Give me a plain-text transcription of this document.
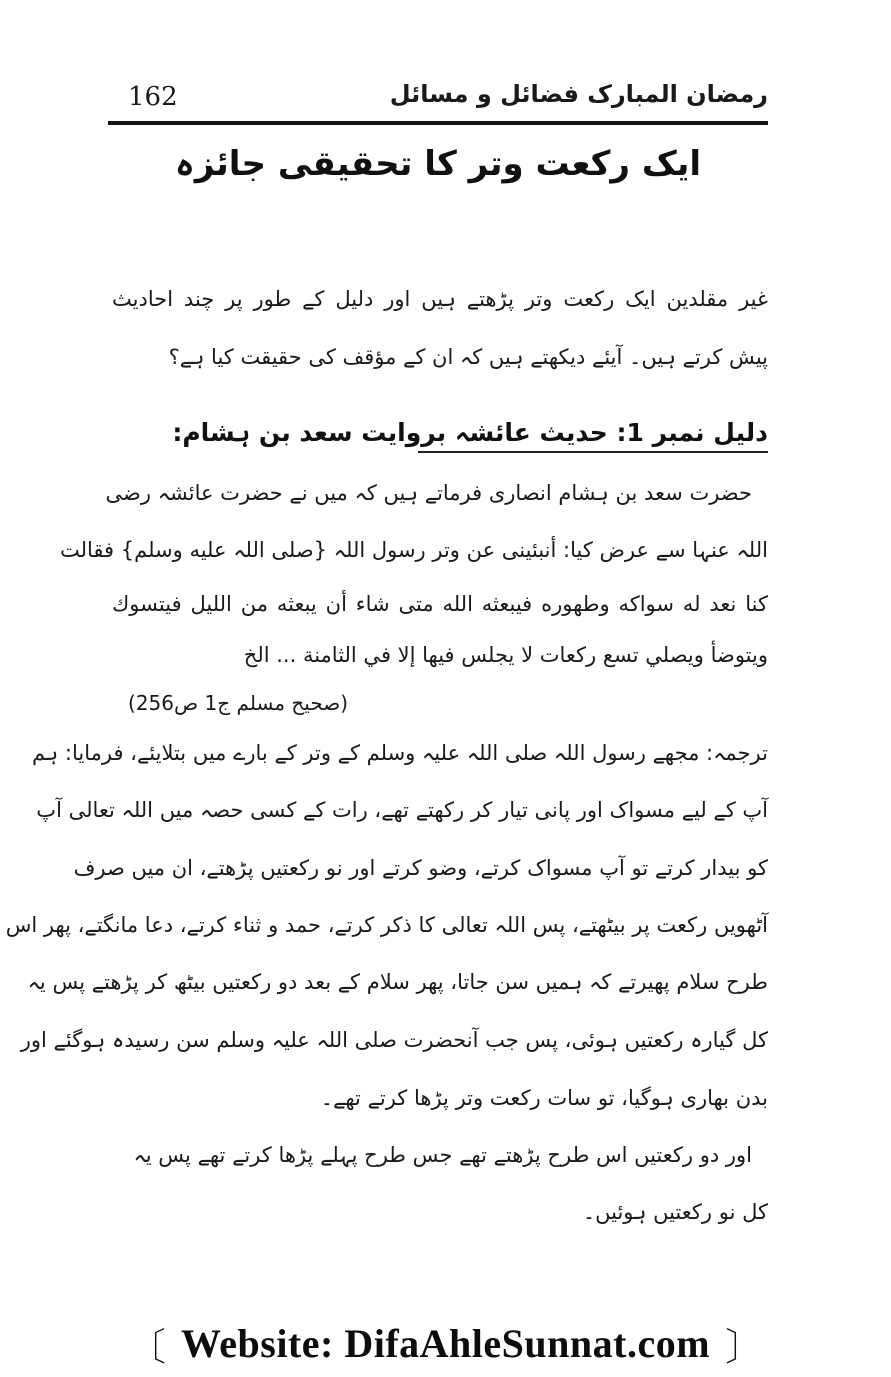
162	رمضان المبارک فضائل و مسائل
ایک رکعت وتر کا تحقیقی جائزہ
غیر مقلدین ایک رکعت وتر پڑھتے ہیں اور دلیل کے طور پر چند احادیث
پیش کرتے ہیں۔ آیئے دیکھتے ہیں کہ ان کے مؤقف کی حقیقت کیا ہے؟
دلیل نمبر 1: حدیث عائشہ بروایت سعد بن ہشام:
حضرت سعد بن ہشام انصاری فرماتے ہیں کہ میں نے حضرت عائشہ رضی
اللہ عنہا سے عرض کیا: أنبئینی عن وتر رسول اللہ {صلی اللہ علیه وسلم} فقالت
كنا نعد له سواكه وطهوره فيبعثه الله متى شاء أن يبعثه من الليل فيتسوك
ويتوضأ ويصلي تسع ركعات لا يجلس فيها إلا في الثامنة ... الخ
(صحیح مسلم ج1 ص256)
ترجمہ: مجھے رسول اللہ صلی اللہ علیہ وسلم کے وتر کے بارے میں بتلایئے، فرمایا: ہم
آپ کے لیے مسواک اور پانی تیار کر رکھتے تھے، رات کے کسی حصہ میں اللہ تعالی آپ
کو بیدار کرتے تو آپ مسواک کرتے، وضو کرتے اور نو رکعتیں پڑھتے، ان میں صرف
آٹھویں رکعت پر بیٹھتے، پس اللہ تعالی کا ذکر کرتے، حمد و ثناء کرتے، دعا مانگتے، پھر اس
طرح سلام پھیرتے کہ ہمیں سن جاتا، پھر سلام کے بعد دو رکعتیں بیٹھ کر پڑھتے پس یہ
کل گیارہ رکعتیں ہوئی، پس جب آنحضرت صلی اللہ علیہ وسلم سن رسیدہ ہوگئے اور
بدن بھاری ہوگیا، تو سات رکعت وتر پڑھا کرتے تھے۔
اور دو رکعتیں اس طرح پڑھتے تھے جس طرح پہلے پڑھا کرتے تھے پس یہ
کل نو رکعتیں ہوئیں۔
〔 Website: DifaAhleSunnat.com 〕
